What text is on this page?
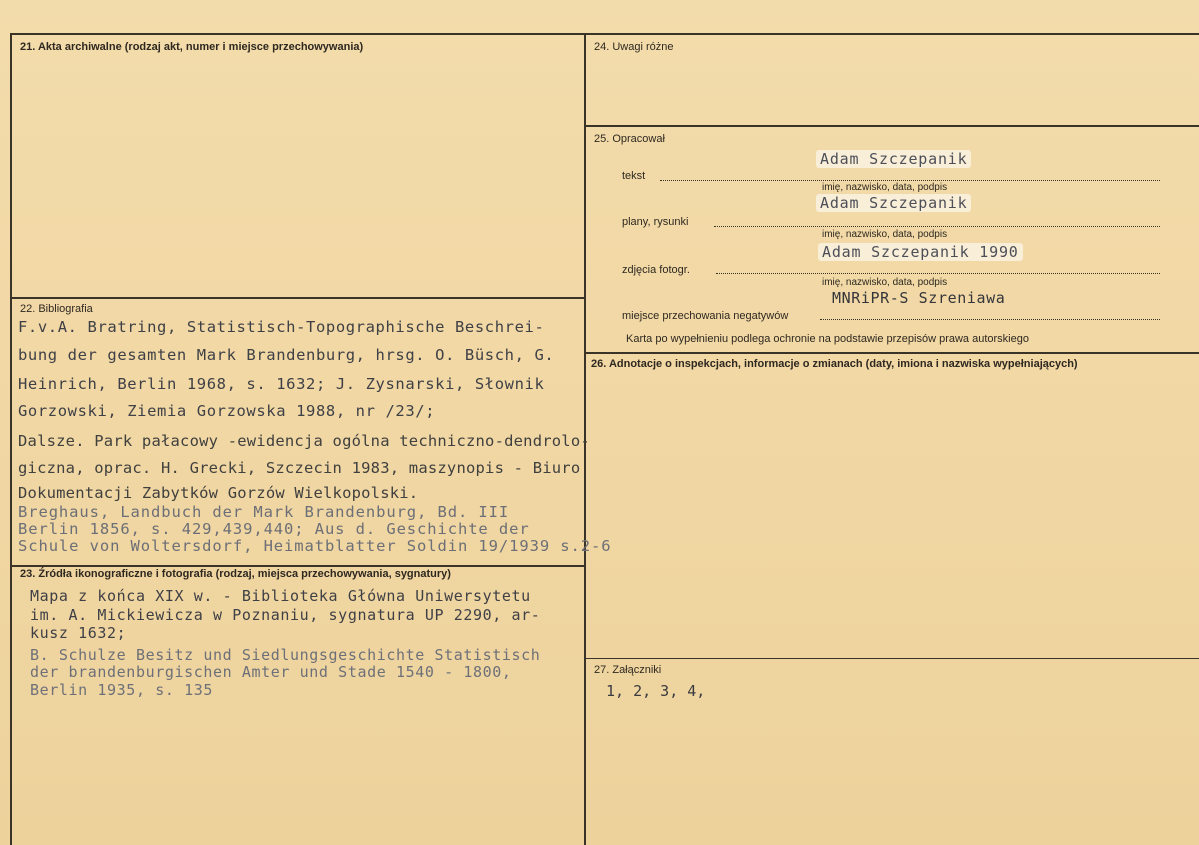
21. Akta archiwalne (rodzaj akt, numer i miejsce przechowywania)
22. Bibliografia
F.v.A. Bratring, Statistisch-Topographische Beschrei-
bung der gesamten Mark Brandenburg, hrsg. O. Büsch, G.
Heinrich, Berlin 1968, s. 1632; J. Zysnarski, Słownik
Gorzowski, Ziemia Gorzowska 1988, nr /23/;
Dalsze. Park pałacowy -ewidencja ogólna techniczno-dendrolo-
giczna, oprac. H. Grecki, Szczecin 1983, maszynopis - Biuro
Dokumentacji Zabytków Gorzów Wielkopolski.
Breghaus, Landbuch der Mark Brandenburg, Bd. III
Berlin 1856, s. 429,439,440; Aus d. Geschichte der
Schule von Woltersdorf, Heimatblatter Soldin 19/1939 s.2-6
23. Źródła ikonograficzne i fotografia (rodzaj, miejsca przechowywania, sygnatury)
Mapa z końca XIX w. - Biblioteka Główna Uniwersytetu
im. A. Mickiewicza w Poznaniu, sygnatura UP 2290, ar-
kusz 1632;
B. Schulze Besitz und Siedlungsgeschichte Statistisch
der brandenburgischen Amter und Stade 1540 - 1800,
Berlin 1935, s. 135
24. Uwagi różne
25. Opracował
Adam Szczepanik
tekst
imię, nazwisko, data, podpis
Adam Szczepanik
plany, rysunki
imię, nazwisko, data, podpis
Adam Szczepanik 1990
zdjęcia fotogr.
imię, nazwisko, data, podpis
MNRiPR-S Szreniawa
miejsce przechowania negatywów
Karta po wypełnieniu podlega ochronie na podstawie przepisów prawa autorskiego
26. Adnotacje o inspekcjach, informacje o zmianach (daty, imiona i nazwiska wypełniających)
27. Załączniki
1, 2, 3, 4,
